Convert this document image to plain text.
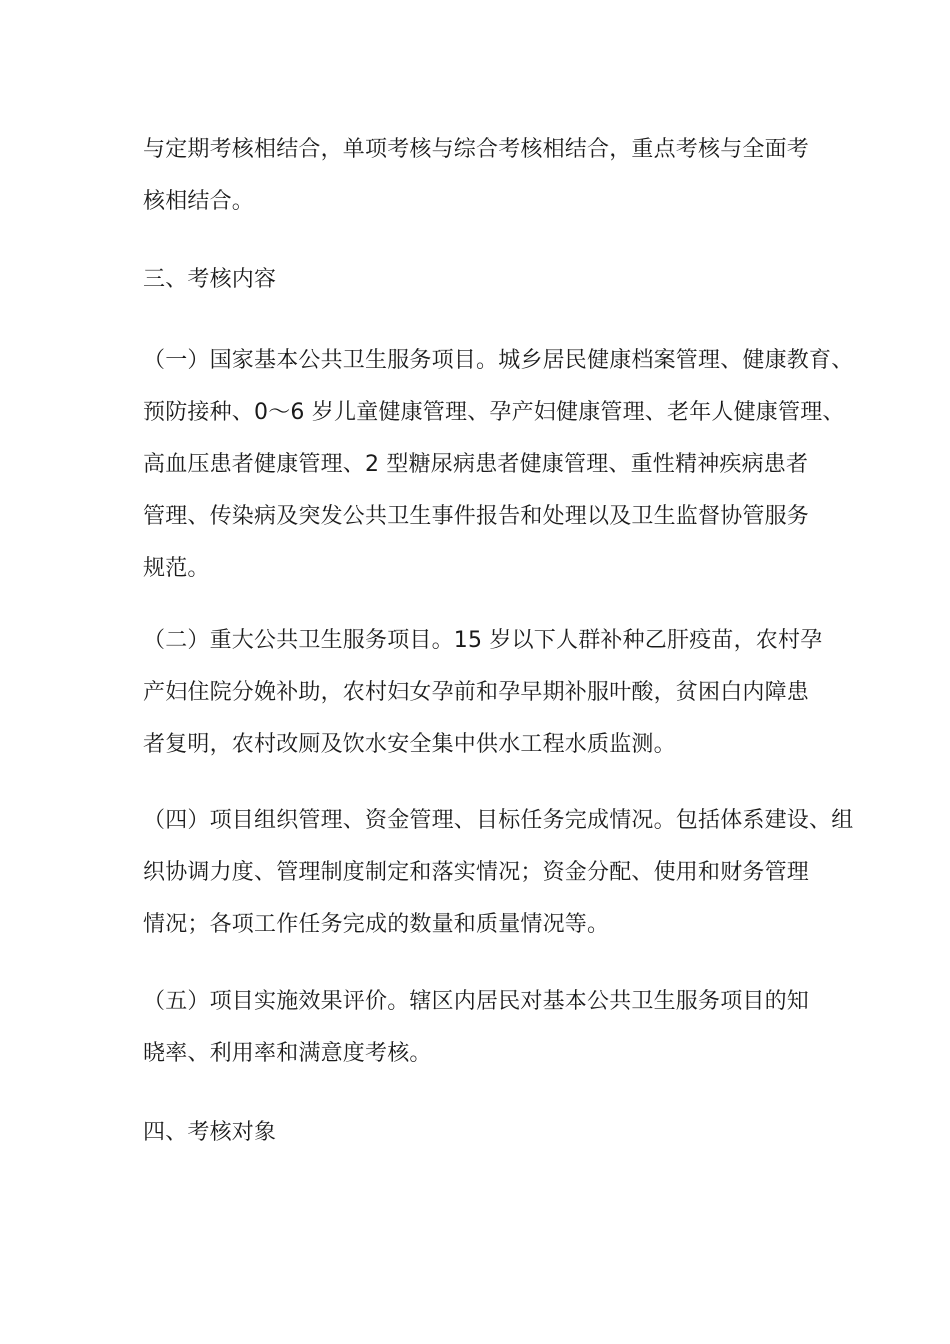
与定期考核相结合，单项考核与综合考核相结合，重点考核与全面考
核相结合。

三、考核内容

（一）国家基本公共卫生服务项目。城乡居民健康档案管理、健康教育、
预防接种、0～6 岁儿童健康管理、孕产妇健康管理、老年人健康管理、
高血压患者健康管理、2 型糖尿病患者健康管理、重性精神疾病患者
管理、传染病及突发公共卫生事件报告和处理以及卫生监督协管服务
规范。

（二）重大公共卫生服务项目。15 岁以下人群补种乙肝疫苗，农村孕
产妇住院分娩补助，农村妇女孕前和孕早期补服叶酸，贫困白内障患
者复明，农村改厕及饮水安全集中供水工程水质监测。

（四）项目组织管理、资金管理、目标任务完成情况。包括体系建设、组
织协调力度、管理制度制定和落实情况；资金分配、使用和财务管理
情况；各项工作任务完成的数量和质量情况等。

（五）项目实施效果评价。辖区内居民对基本公共卫生服务项目的知
晓率、利用率和满意度考核。

四、考核对象
